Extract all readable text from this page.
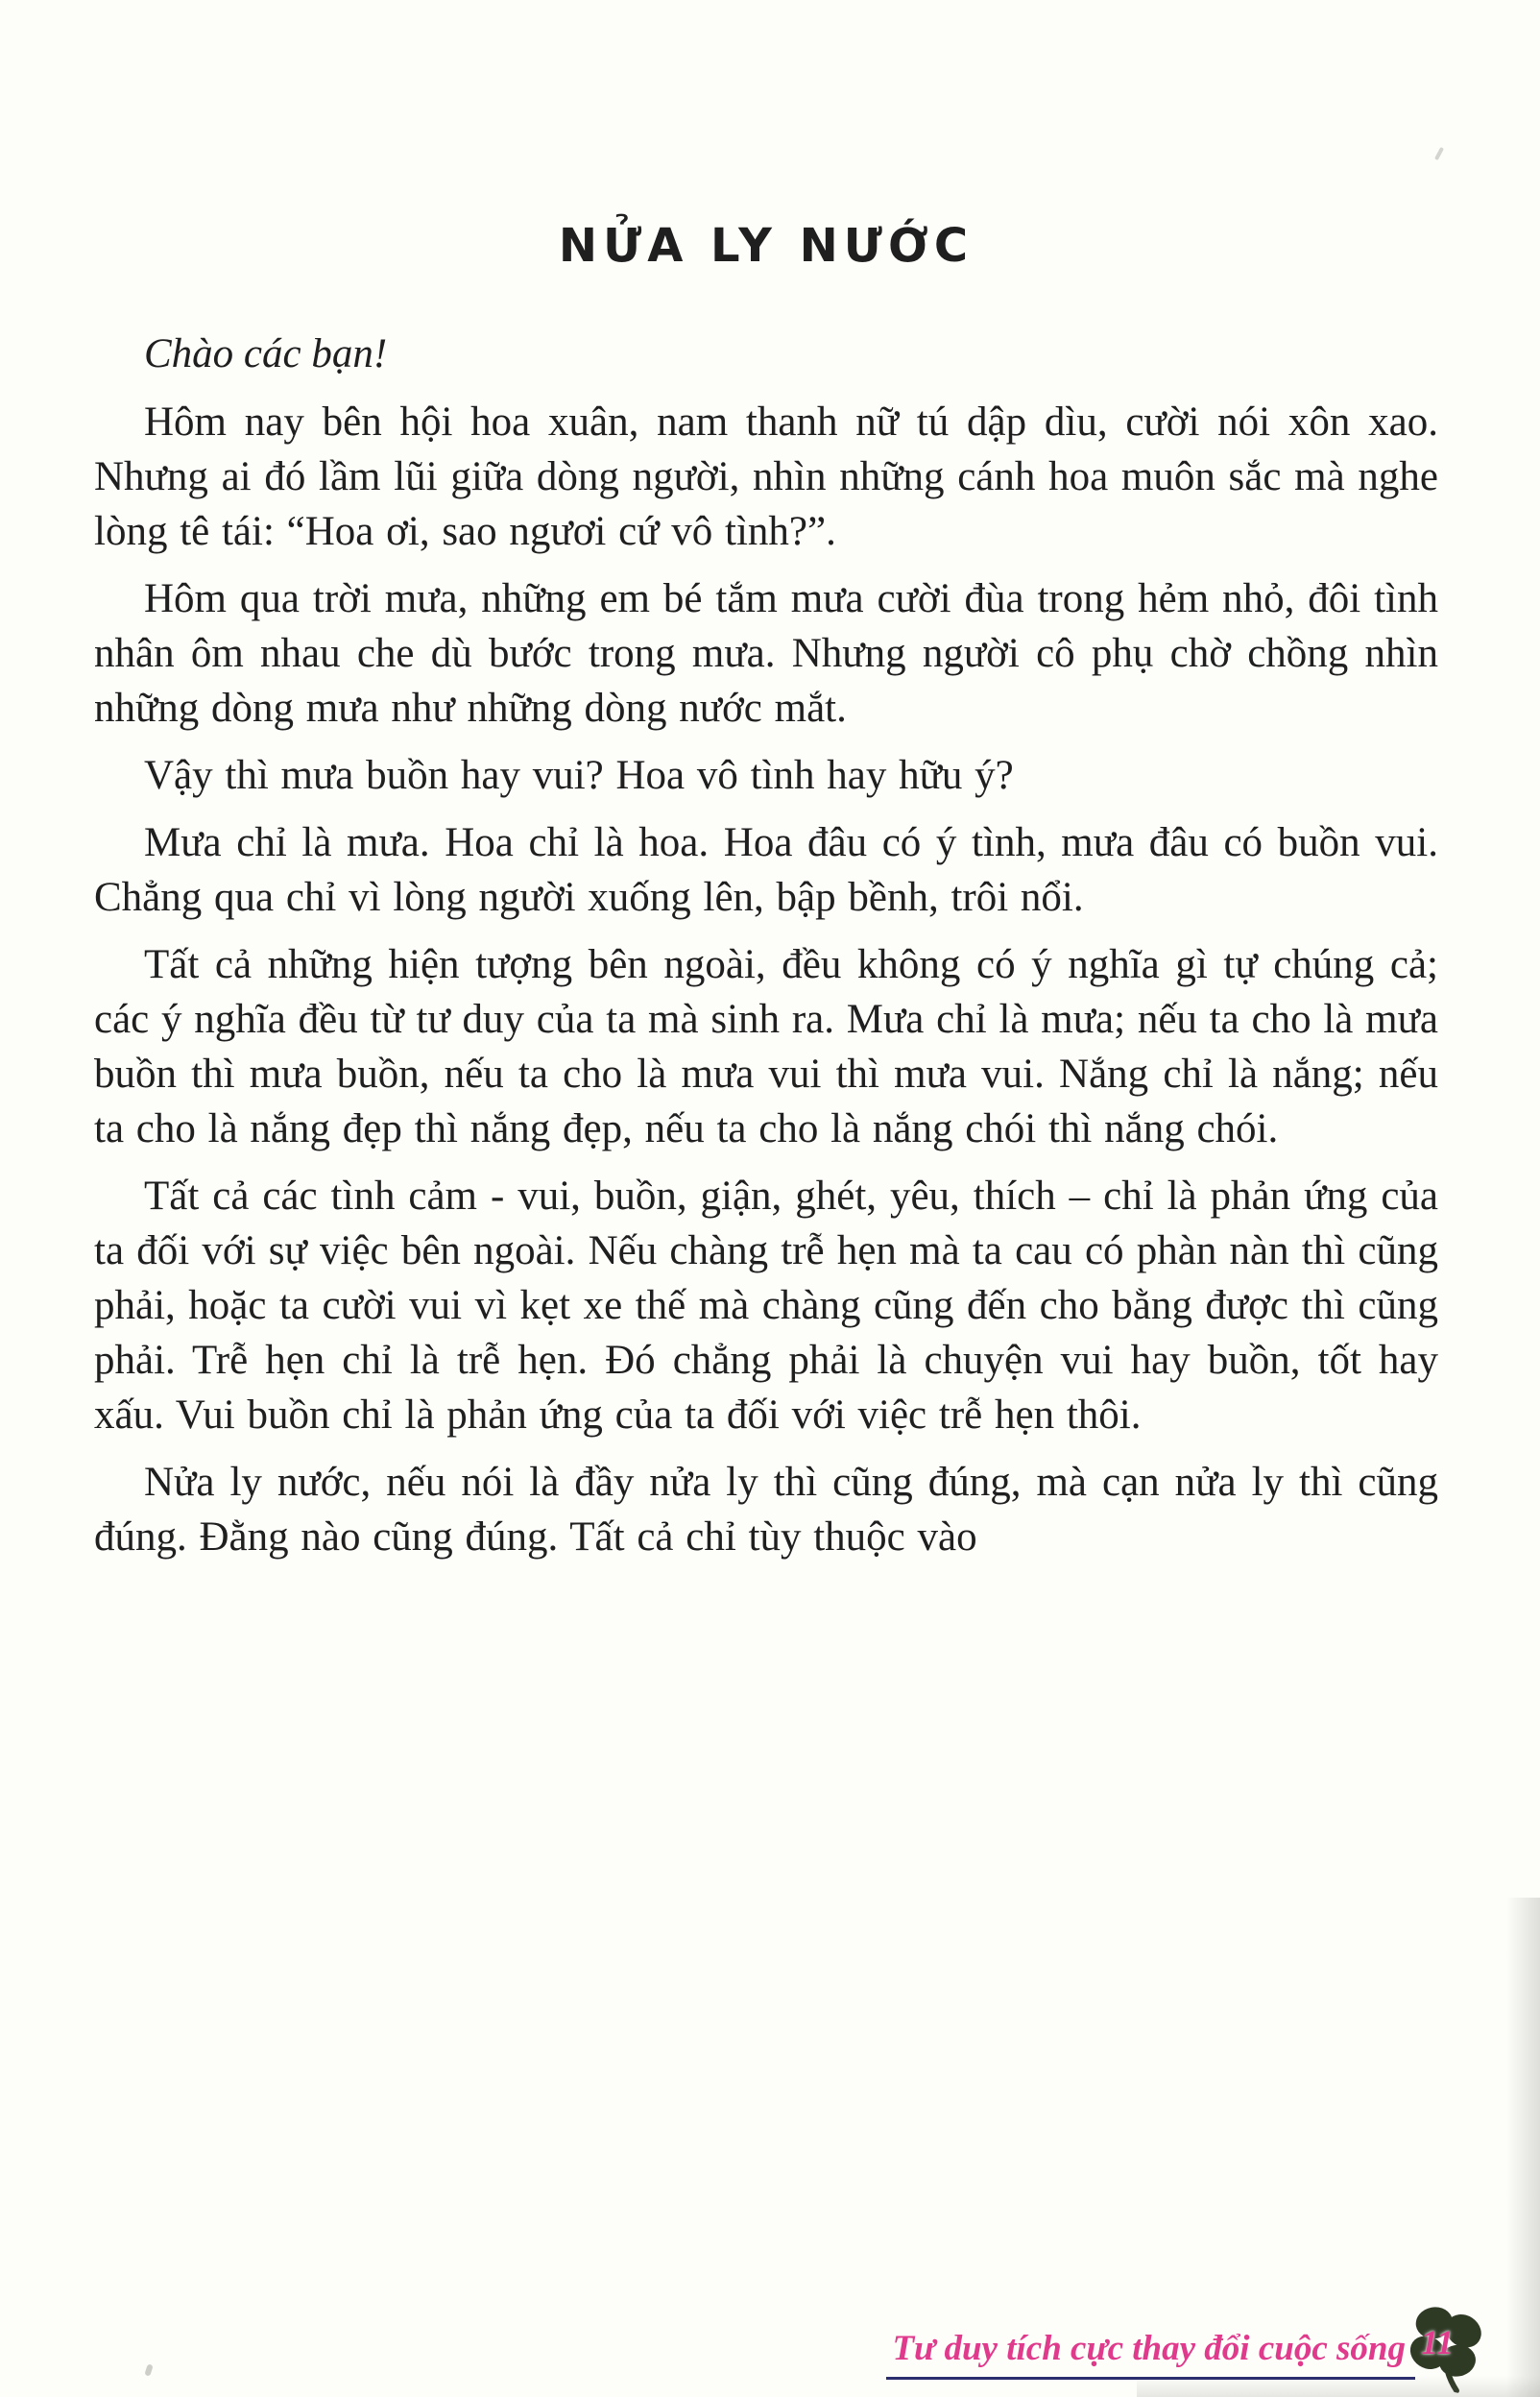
NỬA LY NƯỚC

Chào các bạn!

Hôm nay bên hội hoa xuân, nam thanh nữ tú dập dìu, cười nói xôn xao. Nhưng ai đó lầm lũi giữa dòng người, nhìn những cánh hoa muôn sắc mà nghe lòng tê tái: “Hoa ơi, sao ngươi cứ vô tình?”.

Hôm qua trời mưa, những em bé tắm mưa cười đùa trong hẻm nhỏ, đôi tình nhân ôm nhau che dù bước trong mưa. Nhưng người cô phụ chờ chồng nhìn những dòng mưa như những dòng nước mắt.

Vậy thì mưa buồn hay vui? Hoa vô tình hay hữu ý?

Mưa chỉ là mưa. Hoa chỉ là hoa. Hoa đâu có ý tình, mưa đâu có buồn vui. Chẳng qua chỉ vì lòng người xuống lên, bập bềnh, trôi nổi.

Tất cả những hiện tượng bên ngoài, đều không có ý nghĩa gì tự chúng cả; các ý nghĩa đều từ tư duy của ta mà sinh ra. Mưa chỉ là mưa; nếu ta cho là mưa buồn thì mưa buồn, nếu ta cho là mưa vui thì mưa vui. Nắng chỉ là nắng; nếu ta cho là nắng đẹp thì nắng đẹp, nếu ta cho là nắng chói thì nắng chói.

Tất cả các tình cảm - vui, buồn, giận, ghét, yêu, thích – chỉ là phản ứng của ta đối với sự việc bên ngoài. Nếu chàng trễ hẹn mà ta cau có phàn nàn thì cũng phải, hoặc ta cười vui vì kẹt xe thế mà chàng cũng đến cho bằng được thì cũng phải. Trễ hẹn chỉ là trễ hẹn. Đó chẳng phải là chuyện vui hay buồn, tốt hay xấu. Vui buồn chỉ là phản ứng của ta đối với việc trễ hẹn thôi.

Nửa ly nước, nếu nói là đầy nửa ly thì cũng đúng, mà cạn nửa ly thì cũng đúng. Đằng nào cũng đúng. Tất cả chỉ tùy thuộc vào

Tư duy tích cực thay đổi cuộc sống 11
